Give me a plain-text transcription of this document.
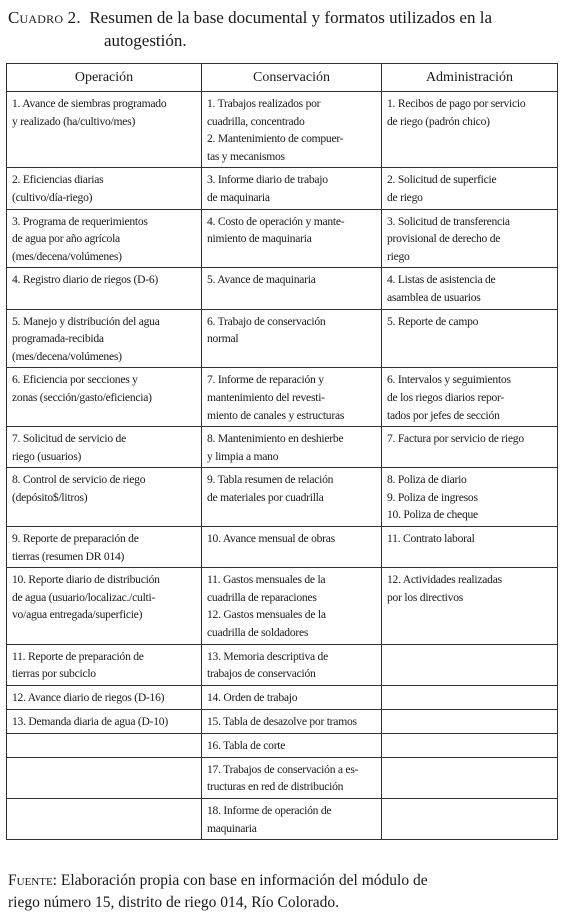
Cuadro 2. Resumen de la base documental y formatos utilizados en la
autogestión.
Operación	Conservación	Administración

1. Avance de siembras programado
y realizado (ha/cultivo/mes)	1. Trabajos realizados por
cuadrilla, concentrado
2. Mantenimiento de compuer-
tas y mecanismos	1. Recibos de pago por servicio
de riego (padrón chico)

2. Eficiencias diarias
(cultivo/día-riego)	3. Informe diario de trabajo
de maquinaria	2. Solicitud de superficie
de riego

3. Programa de requerimientos
de agua por año agrícola
(mes/decena/volúmenes)	4. Costo de operación y mante-
nimiento de maquinaria	3. Solicitud de transferencia
provisional de derecho de
riego

4. Registro diario de riegos (D-6)	5. Avance de maquinaria	4. Listas de asistencia de
asamblea de usuarios

5. Manejo y distribución del agua
programada-recibida
(mes/decena/volúmenes)	6. Trabajo de conservación
normal	5. Reporte de campo

6. Eficiencia por secciones y
zonas (sección/gasto/eficiencia)	7. Informe de reparación y
mantenimiento del revesti-
miento de canales y estructuras	6. Intervalos y seguimientos
de los riegos diarios repor-
tados por jefes de sección

7. Solicitud de servicio de
riego (usuarios)	8. Mantenimiento en deshierbe
y limpia a mano	7. Factura por servicio de riego

8. Control de servicio de riego
(depósito$/litros)	9. Tabla resumen de relación
de materiales por cuadrilla	8. Poliza de diario
9. Poliza de ingresos
10. Poliza de cheque

9. Reporte de preparación de
tierras (resumen DR 014)	10. Avance mensual de obras	11. Contrato laboral

10. Reporte diario de distribución
de agua (usuario/localizac./culti-
vo/agua entregada/superficie)	11. Gastos mensuales de la
cuadrilla de reparaciones
12. Gastos mensuales de la
cuadrilla de soldadores	12. Actividades realizadas
por los directivos

11. Reporte de preparación de
tierras por subciclo	13. Memoria descriptiva de
trabajos de conservación	

12. Avance diario de riegos (D-16)	14. Orden de trabajo	

13. Demanda diaria de agua (D-10)	15. Tabla de desazolve por tramos	

	16. Tabla de corte	

	17. Trabajos de conservación a es-
tructuras en red de distribución	

	18. Informe de operación de
maquinaria	

Fuente: Elaboración propia con base en información del módulo de
riego número 15, distrito de riego 014, Río Colorado.
